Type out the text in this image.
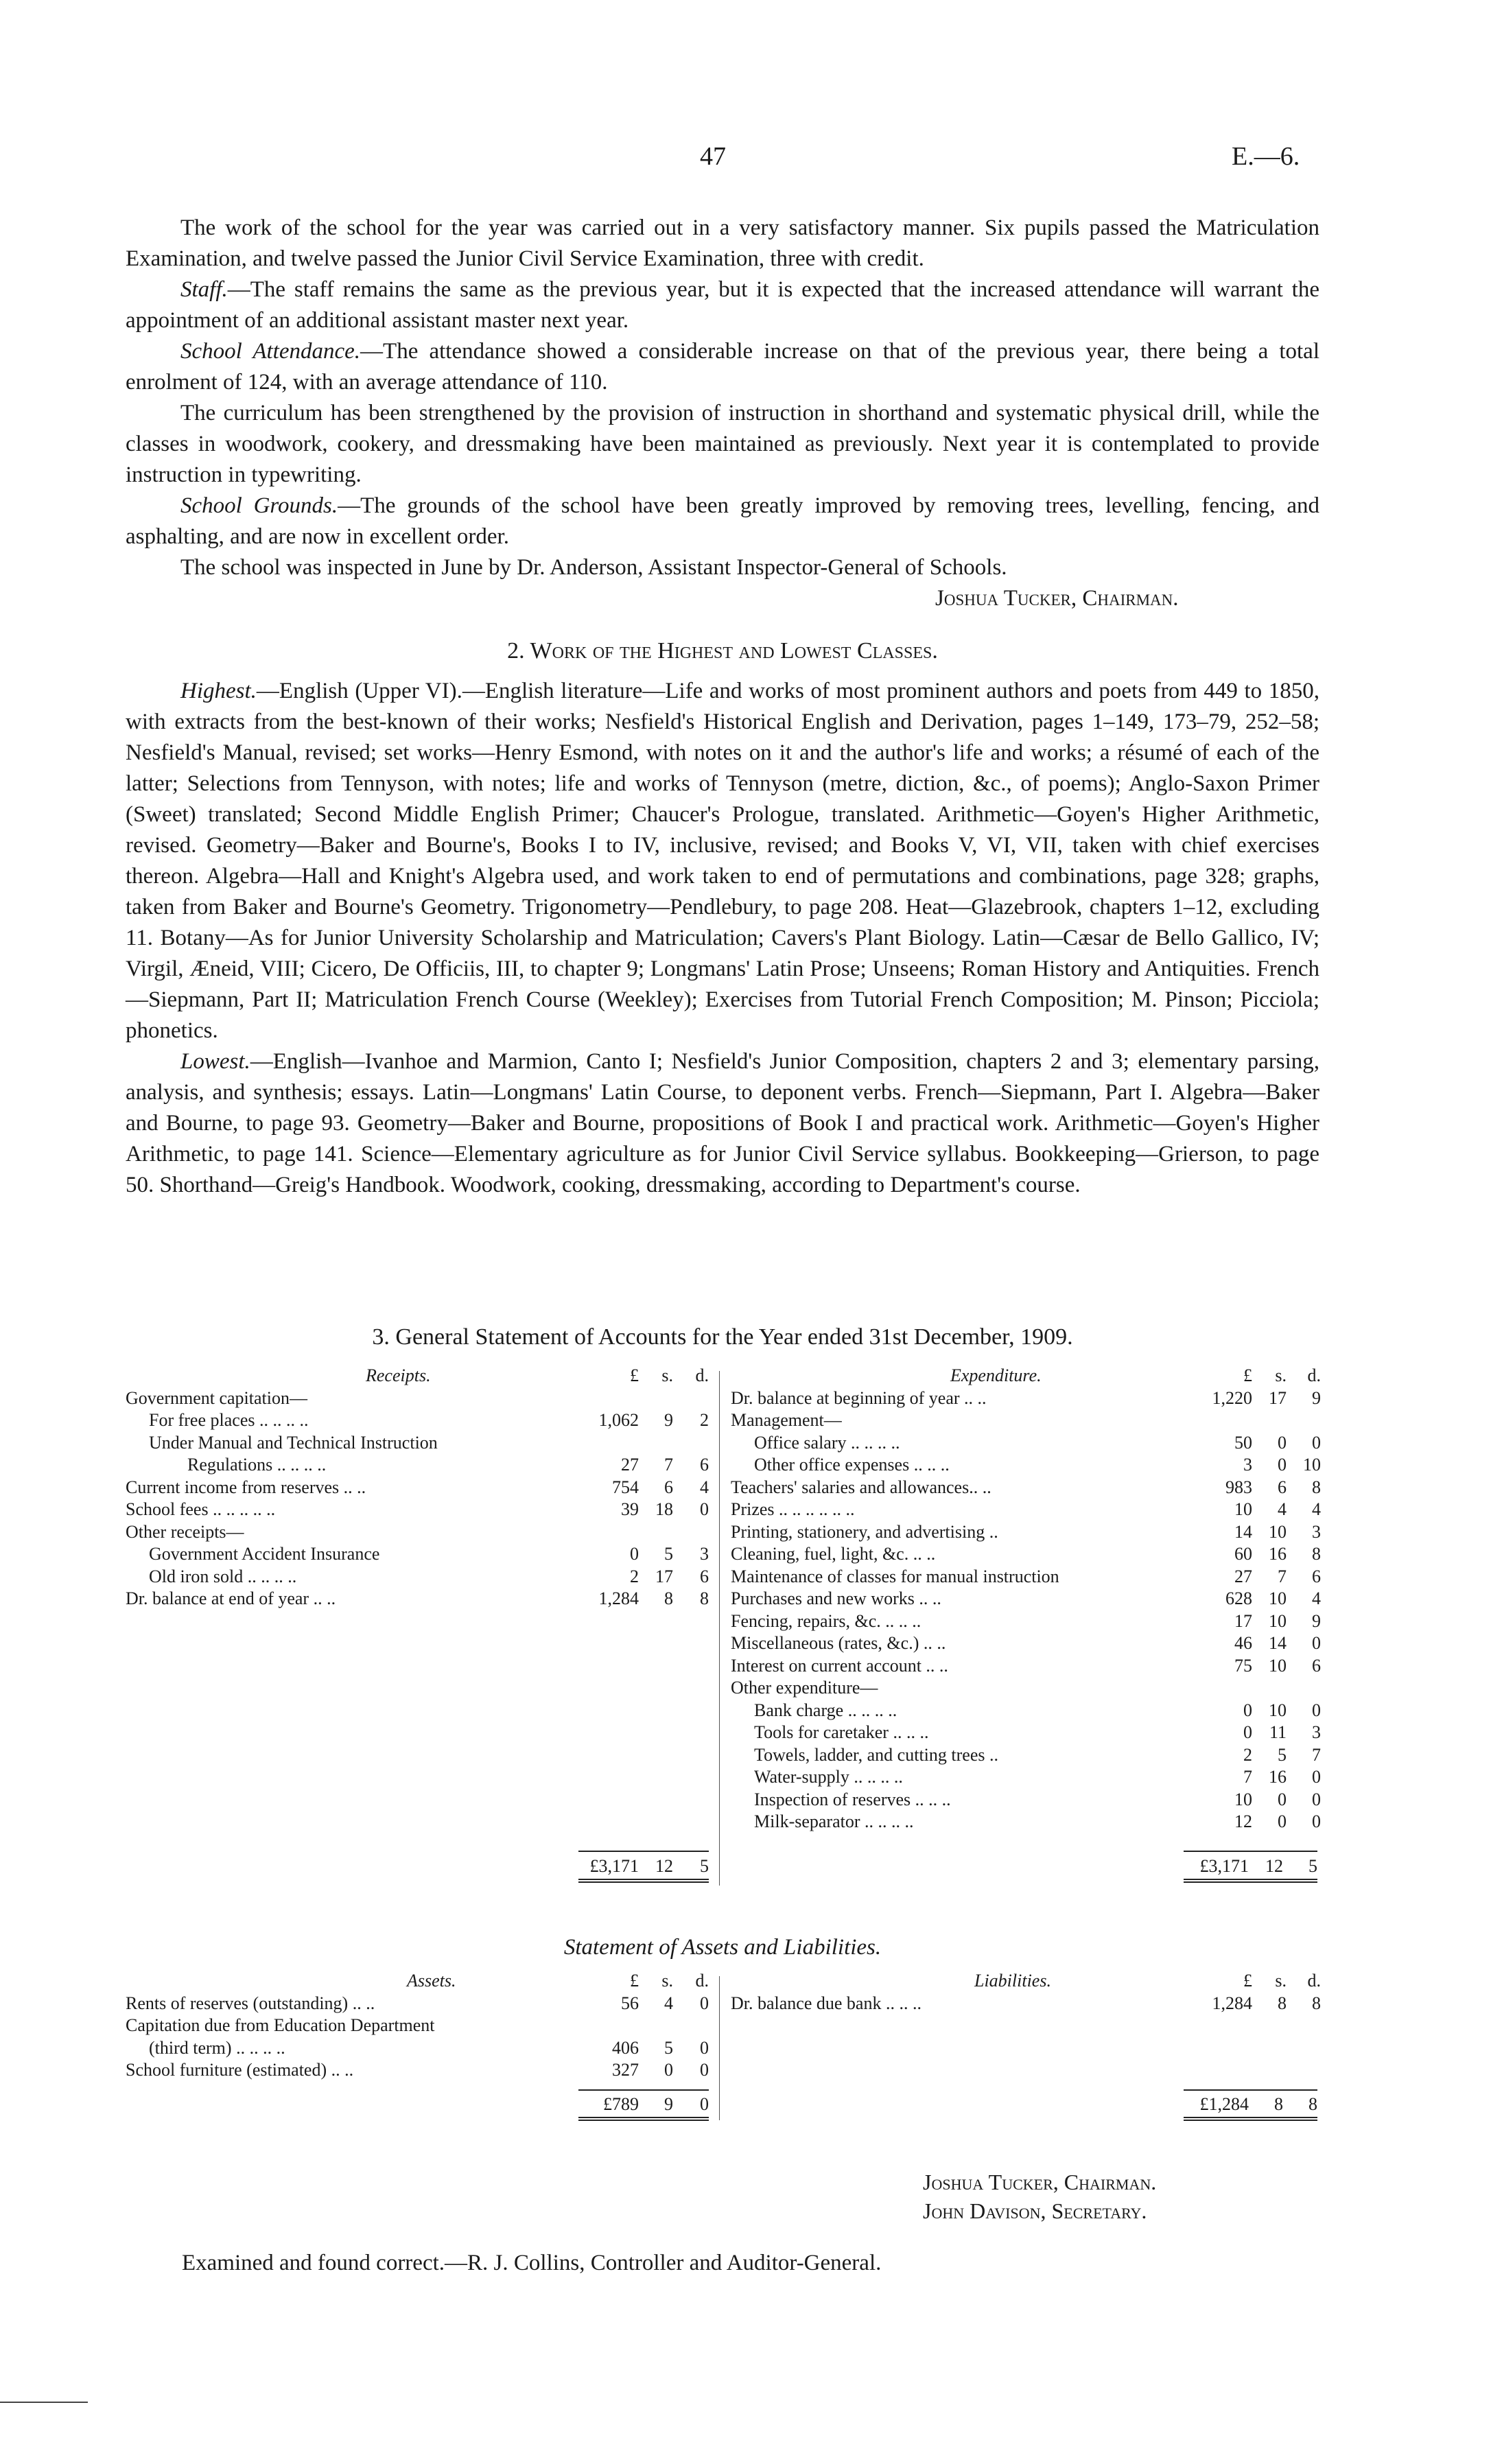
47	E.—6.

The work of the school for the year was carried out in a very satisfactory manner. Six pupils passed the Matriculation Examination, and twelve passed the Junior Civil Service Examination, three with credit.

Staff.—The staff remains the same as the previous year, but it is expected that the increased attendance will warrant the appointment of an additional assistant master next year.

School Attendance.—The attendance showed a considerable increase on that of the previous year, there being a total enrolment of 124, with an average attendance of 110.

The curriculum has been strengthened by the provision of instruction in shorthand and systematic physical drill, while the classes in woodwork, cookery, and dressmaking have been maintained as previously. Next year it is contemplated to provide instruction in typewriting.

School Grounds.—The grounds of the school have been greatly improved by removing trees, levelling, fencing, and asphalting, and are now in excellent order.

The school was inspected in June by Dr. Anderson, Assistant Inspector-General of Schools.

Joshua Tucker, Chairman.

2. Work of the Highest and Lowest Classes.

Highest.—English (Upper VI).—English literature—Life and works of most prominent authors and poets from 449 to 1850, with extracts from the best-known of their works; Nesfield's Historical English and Derivation, pages 1–149, 173–79, 252–58; Nesfield's Manual, revised; set works—Henry Esmond, with notes on it and the author's life and works; a résumé of each of the latter; Selections from Tennyson, with notes; life and works of Tennyson (metre, diction, &c., of poems); Anglo-Saxon Primer (Sweet) translated; Second Middle English Primer; Chaucer's Prologue, translated. Arithmetic—Goyen's Higher Arithmetic, revised. Geometry—Baker and Bourne's, Books I to IV, inclusive, revised; and Books V, VI, VII, taken with chief exercises thereon. Algebra—Hall and Knight's Algebra used, and work taken to end of permutations and combinations, page 328; graphs, taken from Baker and Bourne's Geometry. Trigonometry—Pendlebury, to page 208. Heat—Glazebrook, chapters 1–12, excluding 11. Botany—As for Junior University Scholarship and Matriculation; Cavers's Plant Biology. Latin—Cæsar de Bello Gallico, IV; Virgil, Æneid, VIII; Cicero, De Officiis, III, to chapter 9; Longmans' Latin Prose; Unseens; Roman History and Antiquities. French—Siepmann, Part II; Matriculation French Course (Weekley); Exercises from Tutorial French Composition; M. Pinson; Picciola; phonetics.

Lowest.—English—Ivanhoe and Marmion, Canto I; Nesfield's Junior Composition, chapters 2 and 3; elementary parsing, analysis, and synthesis; essays. Latin—Longmans' Latin Course, to deponent verbs. French—Siepmann, Part I. Algebra—Baker and Bourne, to page 93. Geometry—Baker and Bourne, propositions of Book I and practical work. Arithmetic—Goyen's Higher Arithmetic, to page 141. Science—Elementary agriculture as for Junior Civil Service syllabus. Bookkeeping—Grierson, to page 50. Shorthand—Greig's Handbook. Woodwork, cooking, dressmaking, according to Department's course.

3. General Statement of Accounts for the Year ended 31st December, 1909.
Receipts.	£	s.	d.
Government capitation—			
For free places .. .. .. ..	1,062	9	2
Under Manual and Technical Instruction			
Regulations .. .. .. ..	27	7	6
Current income from reserves .. ..	754	6	4
School fees .. .. .. .. ..	39	18	0
Other receipts—			
Government Accident Insurance	0	5	3
Old iron sold .. .. .. ..	2	17	6
Dr. balance at end of year .. ..	1,284	8	8
£3,171	12	5
Expenditure.	£	s.	d.
Dr. balance at beginning of year .. ..	1,220	17	9
Management—			
Office salary .. .. .. ..	50	0	0
Other office expenses .. .. ..	3	0	10
Teachers' salaries and allowances.. ..	983	6	8
Prizes .. .. .. .. .. ..	10	4	4
Printing, stationery, and advertising ..	14	10	3
Cleaning, fuel, light, &c. .. ..	60	16	8
Maintenance of classes for manual instruction	27	7	6
Purchases and new works .. ..	628	10	4
Fencing, repairs, &c. .. .. ..	17	10	9
Miscellaneous (rates, &c.) .. ..	46	14	0
Interest on current account .. ..	75	10	6
Other expenditure—			
Bank charge .. .. .. ..	0	10	0
Tools for caretaker .. .. ..	0	11	3
Towels, ladder, and cutting trees ..	2	5	7
Water-supply .. .. .. ..	7	16	0
Inspection of reserves .. .. ..	10	0	0
Milk-separator .. .. .. ..	12	0	0
£3,171	12	5
Statement of Assets and Liabilities.
Assets.	£	s.	d.
Rents of reserves (outstanding) .. ..	56	4	0
Capitation due from Education Department			
(third term) .. .. .. ..	406	5	0
School furniture (estimated) .. ..	327	0	0
£789	9	0
Liabilities.	£	s.	d.
Dr. balance due bank .. .. ..	1,284	8	8
£1,284	8	8
Joshua Tucker, Chairman.
John Davison, Secretary.
Examined and found correct.—R. J. Collins, Controller and Auditor-General.
